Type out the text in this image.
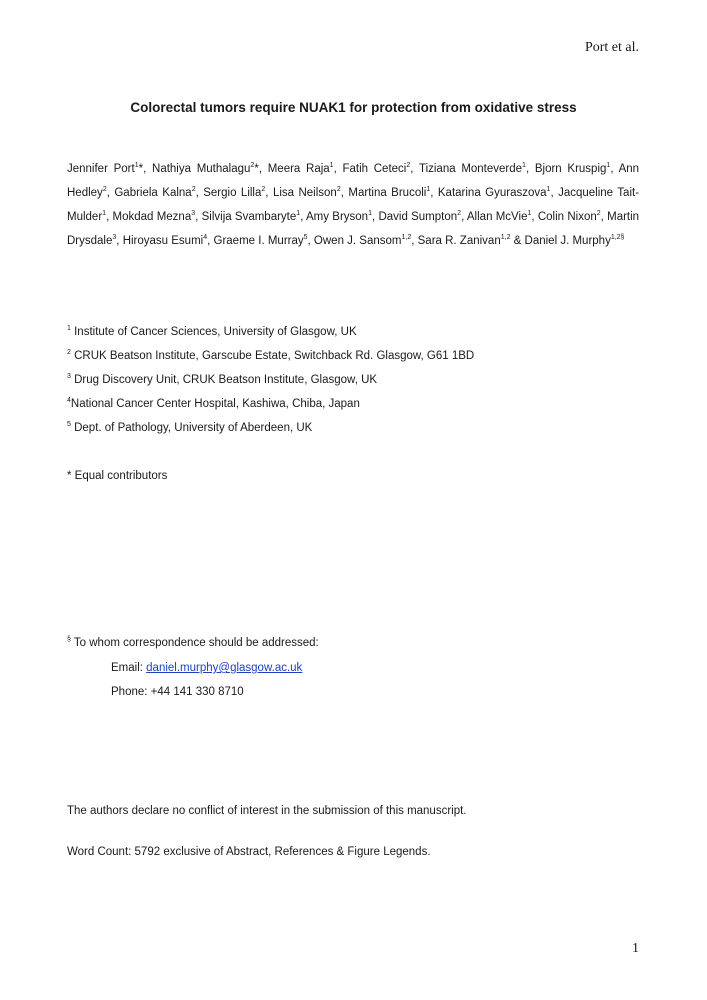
Port et al.
Colorectal tumors require NUAK1 for protection from oxidative stress
Jennifer Port$^1$*, Nathiya Muthalagu$^2$*, Meera Raja$^1$, Fatih Ceteci$^2$, Tiziana Monteverde$^1$, Bjorn Kruspig$^1$, Ann Hedley$^2$, Gabriela Kalna$^2$, Sergio Lilla$^2$, Lisa Neilson$^2$, Martina Brucoli$^1$, Katarina Gyuraszova$^1$, Jacqueline Tait-Mulder$^1$, Mokdad Mezna$^3$, Silvija Svambaryte$^1$, Amy Bryson$^1$, David Sumpton$^2$, Allan McVie$^1$, Colin Nixon$^2$, Martin Drysdale$^3$, Hiroyasu Esumi$^4$, Graeme I. Murray$^5$, Owen J. Sansom$^{1,2}$, Sara R. Zanivan$^{1,2}$ & Daniel J. Murphy$^{1,2\S}$
$^1$ Institute of Cancer Sciences, University of Glasgow, UK
$^2$ CRUK Beatson Institute, Garscube Estate, Switchback Rd. Glasgow, G61 1BD
$^3$ Drug Discovery Unit, CRUK Beatson Institute, Glasgow, UK
$^4$National Cancer Center Hospital, Kashiwa, Chiba, Japan
$^5$ Dept. of Pathology, University of Aberdeen, UK
* Equal contributors
§ To whom correspondence should be addressed:
Email: daniel.murphy@glasgow.ac.uk
Phone: +44 141 330 8710
The authors declare no conflict of interest in the submission of this manuscript.
Word Count: 5792 exclusive of Abstract, References & Figure Legends.
1
